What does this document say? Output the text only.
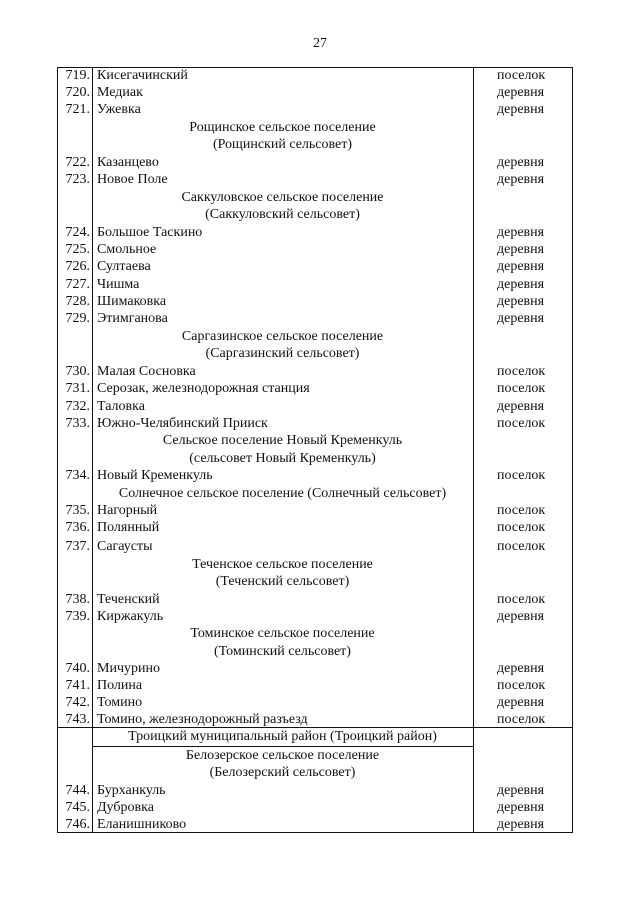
27
719. Кисегачинский	поселок
720. Медиак	деревня
721. Ужевка	деревня
Рощинское сельское поселение
(Рощинский сельсовет)
722. Казанцево	деревня
723. Новое Поле	деревня
Саккуловское сельское поселение
(Саккуловский сельсовет)
724. Большое Таскино	деревня
725. Смольное	деревня
726. Султаева	деревня
727. Чишма	деревня
728. Шимаковка	деревня
729. Этимганова	деревня
Саргазинское сельское поселение
(Саргазинский сельсовет)
730. Малая Сосновка	поселок
731. Серозак, железнодорожная станция	поселок
732. Таловка	деревня
733. Южно-Челябинский Прииск	поселок
Сельское поселение Новый Кременкуль
(сельсовет Новый Кременкуль)
734. Новый Кременкуль	поселок
Солнечное сельское поселение (Солнечный сельсовет)
735. Нагорный	поселок
736. Полянный	поселок
737. Сагаусты	поселок
Теченское сельское поселение
(Теченский сельсовет)
738. Теченский	поселок
739. Киржакуль	деревня
Томинское сельское поселение
(Томинский сельсовет)
740. Мичурино	деревня
741. Полина	поселок
742. Томино	деревня
743. Томино, железнодорожный разъезд	поселок
Троицкий муниципальный район (Троицкий район)
Белозерское сельское поселение
(Белозерский сельсовет)
744. Бурханкуль	деревня
745. Дубровка	деревня
746. Еланишниково	деревня
